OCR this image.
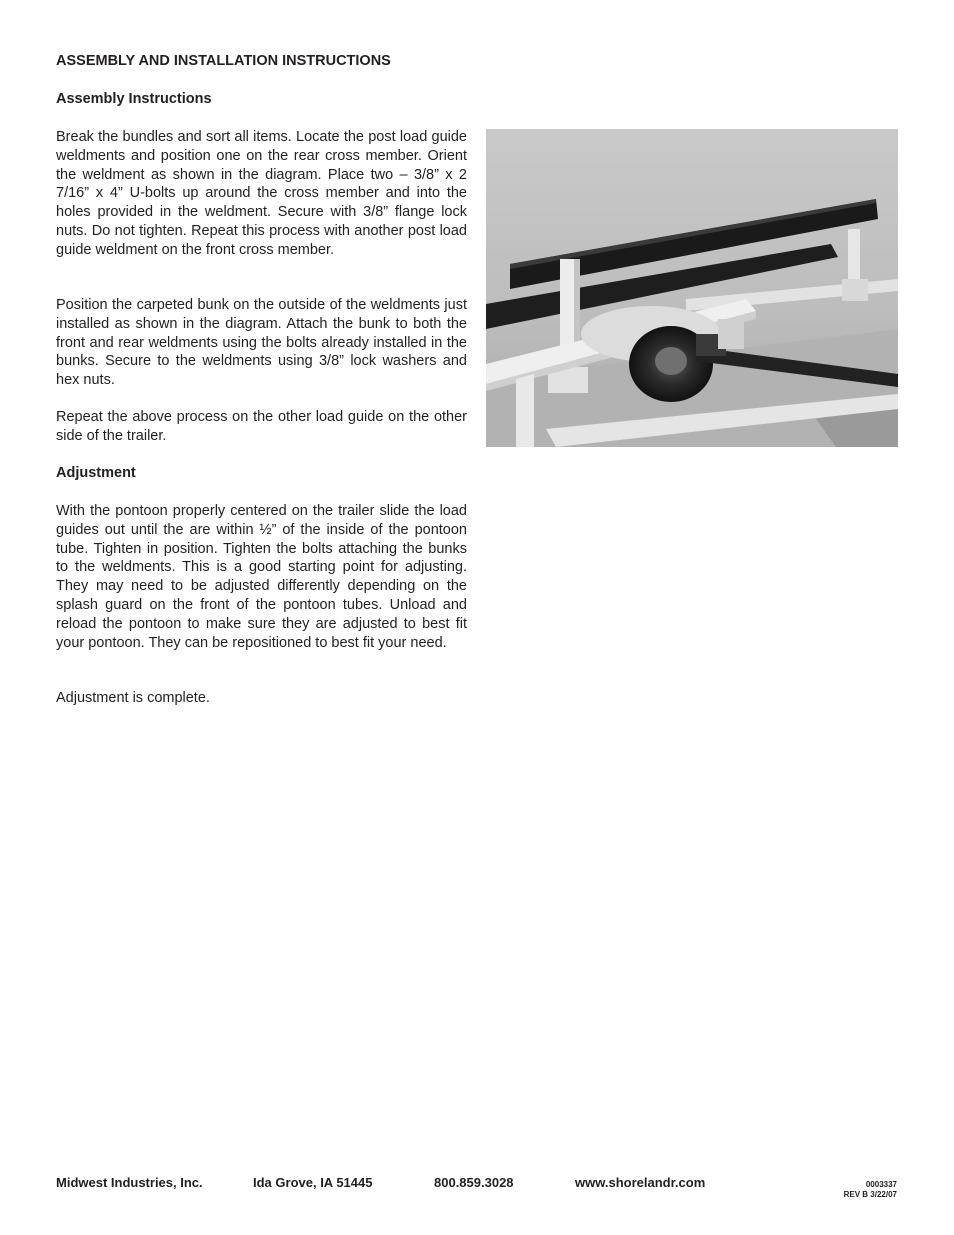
ASSEMBLY AND INSTALLATION INSTRUCTIONS
Assembly Instructions

Break the bundles and sort all items. Locate the post load guide weldments and position one on the rear cross member. Orient the weldment as shown in the diagram. Place two – 3/8” x 2 7/16” x 4” U-bolts up around the cross member and into the holes provided in the weldment. Secure with 3/8” flange lock nuts. Do not tighten. Repeat this process with another post load guide weldment on the front cross member.

Position the carpeted bunk on the outside of the weldments just installed as shown in the diagram. Attach the bunk to both the front and rear weldments using the bolts already installed in the bunks. Secure to the weldments using 3/8” lock washers and hex nuts.

Repeat the above process on the other load guide on the other side of the trailer.

Adjustment

With the pontoon properly centered on the trailer slide the load guides out until the are within ½” of the inside of the pontoon tube. Tighten in position. Tighten the bolts attaching the bunks to the weldments. This is a good starting point for adjusting. They may need to be adjusted differently depending on the splash guard on the front of the pontoon tubes. Unload and reload the pontoon to make sure they are adjusted to best fit your pontoon. They can be repositioned to best fit your need.

Adjustment is complete.

Midwest Industries, Inc.	Ida Grove, IA 51445	800.859.3028	www.shorelandr.com	0003337
REV B 3/22/07
